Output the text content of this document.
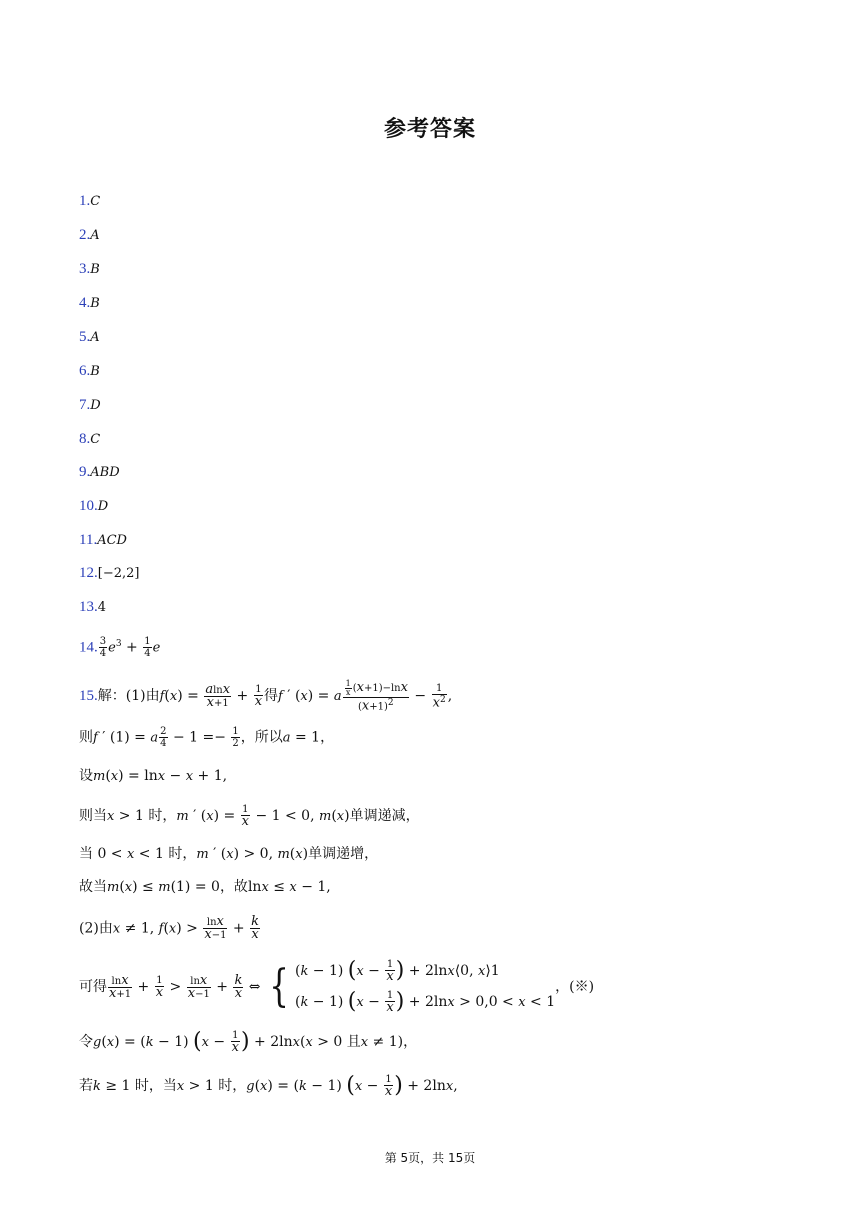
参考答案
1.C
2.A
3.B
4.B
5.A
6.B
7.D
8.C
9.ABD
10.D
11.ACD
12.[−2,2]
13.4
14. $\frac{3}{4} e^3 + \frac{1}{4}$ e
15.解：(1)由$f(x) = \frac{alnx}{x+1} + \frac{1}{x}$ 得f ′ (x) = a $\frac{\frac{1}{x} (x+1)-\ln x}{(x+1)2} - \frac{1}{x2}$ ,
则f ′ (1) = a $\frac{2}{4} - 1 =- \frac{1}{2}$ ，所以a = 1，
设m(x) = lnx − x + 1,
则当x > 1 时，m ′ $(x) = \frac{1}{x} - 1 < 0$, m(x)单调递减，
当 0 < x < 1 时，m ′ (x) > 0, m(x)单调递增，
故当m(x) ≤ m(1) = 0，故lnx ≤ x − 1,
(2)由x ≠ 1, $f(x) > \frac{\ln x}{x-1} + \frac{k}{x}$
可得 $\frac{\ln x}{x+1} + \frac{1}{x} > \frac{\ln x}{x-1} + \frac{k}{x}$ ⇔ { (k − 1) ($x - \frac{1}{x}$ ) + 2lnx⟨0, x⟩1
(k − 1) ($x - \frac{1}{x}$ ) + 2lnx > 0,0 < x < 1
，(※)
令g(x) = (k − 1) ($x - \frac{1}{x}$ ) + 2lnx(x > 0 且x ≠ 1)，
若k ≥ 1 时，当x > 1 时，g(x) = (k − 1) ($x - \frac{1}{x}$ ) + 2lnx,
第 5页，共 15页
